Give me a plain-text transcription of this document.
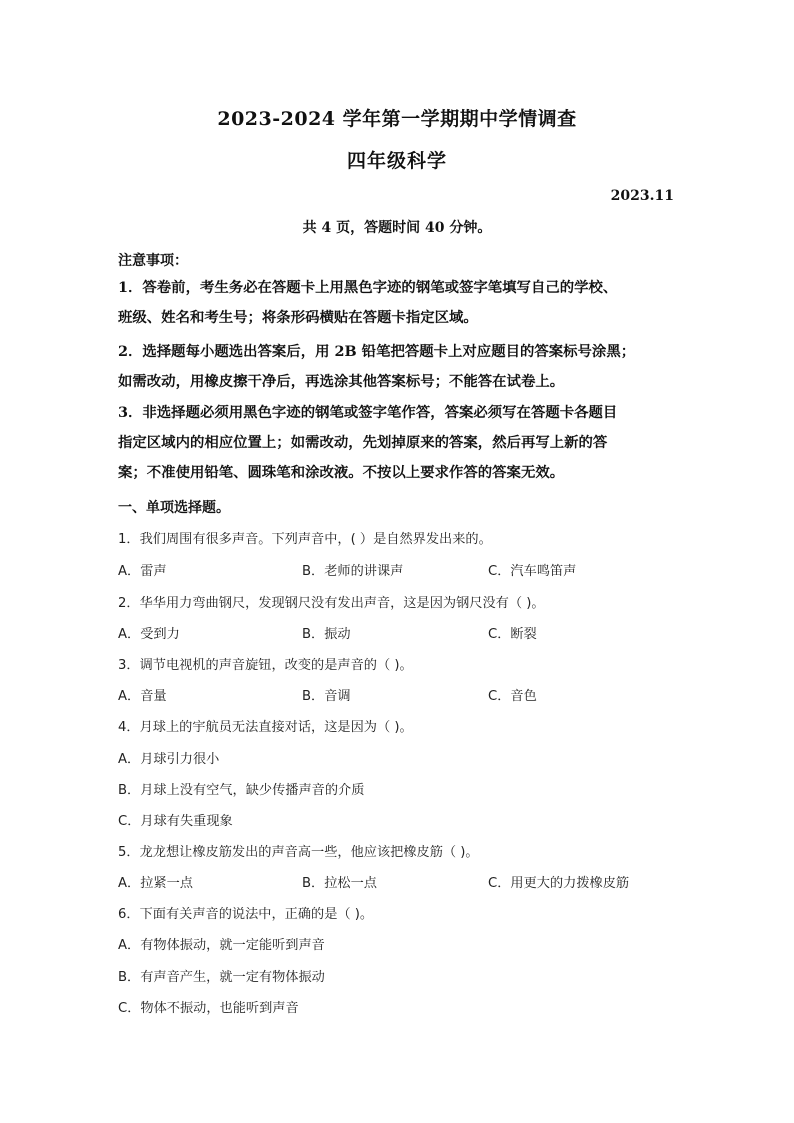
2023-2024 学年第一学期期中学情调查
四年级科学
2023.11
共 4 页，答题时间 40 分钟。
注意事项：
1．答卷前，考生务必在答题卡上用黑色字迹的钢笔或签字笔填写自己的学校、
班级、姓名和考生号；将条形码横贴在答题卡指定区域。
2．选择题每小题选出答案后，用 2B 铅笔把答题卡上对应题目的答案标号涂黑；
如需改动，用橡皮擦干净后，再选涂其他答案标号；不能答在试卷上。
3．非选择题必须用黑色字迹的钢笔或签字笔作答，答案必须写在答题卡各题目
指定区域内的相应位置上；如需改动，先划掉原来的答案，然后再写上新的答
案；不准使用铅笔、圆珠笔和涂改液。不按以上要求作答的答案无效。
一、单项选择题。
1．我们周围有很多声音。下列声音中，( ）是自然界发出来的。
A．雷声	B．老师的讲课声	C．汽车鸣笛声
2．华华用力弯曲钢尺，发现钢尺没有发出声音，这是因为钢尺没有（ )。
A．受到力	B．振动	C．断裂
3．调节电视机的声音旋钮，改变的是声音的（ )。
A．音量	B．音调	C．音色
4．月球上的宇航员无法直接对话，这是因为（ )。
A．月球引力很小
B．月球上没有空气，缺少传播声音的介质
C．月球有失重现象
5．龙龙想让橡皮筋发出的声音高一些，他应该把橡皮筋（ )。
A．拉紧一点	B．拉松一点	C．用更大的力拨橡皮筋
6．下面有关声音的说法中，正确的是（ )。
A．有物体振动，就一定能听到声音
B．有声音产生，就一定有物体振动
C．物体不振动，也能听到声音
